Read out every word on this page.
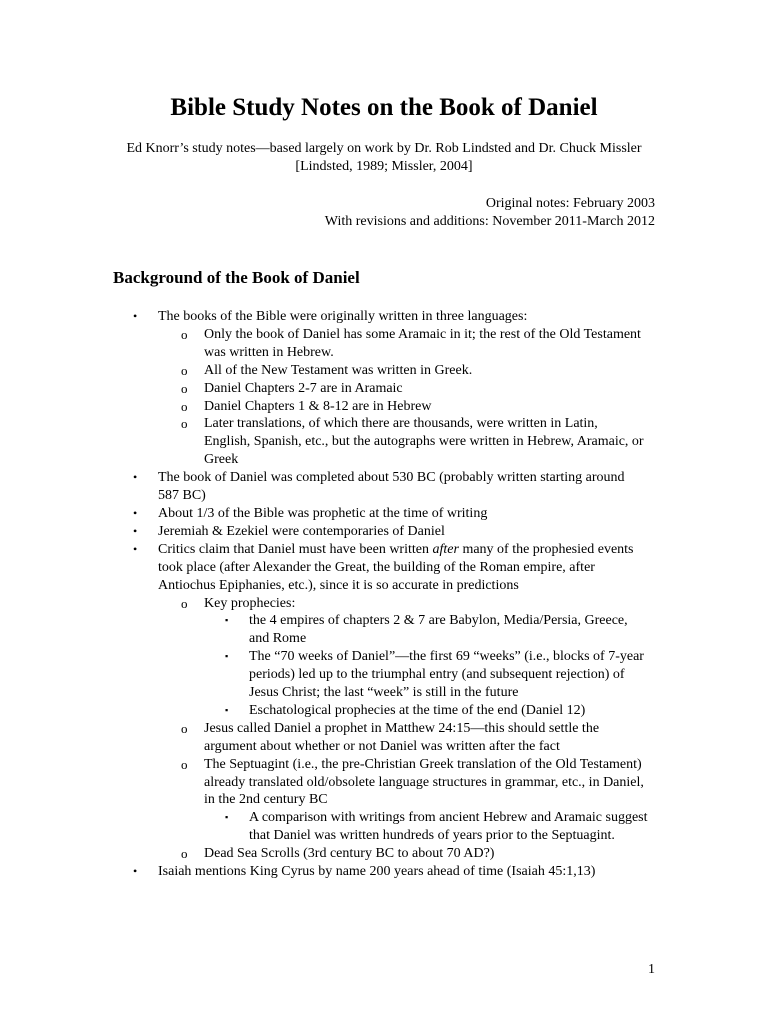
Bible Study Notes on the Book of Daniel
Ed Knorr’s study notes—based largely on work by Dr. Rob Lindsted and Dr. Chuck Missler [Lindsted, 1989; Missler, 2004]
Original notes: February 2003
With revisions and additions: November 2011-March 2012
Background of the Book of Daniel
• The books of the Bible were originally written in three languages:
o Only the book of Daniel has some Aramaic in it; the rest of the Old Testament was written in Hebrew.
o All of the New Testament was written in Greek.
o Daniel Chapters 2-7 are in Aramaic
o Daniel Chapters 1 & 8-12 are in Hebrew
o Later translations, of which there are thousands, were written in Latin, English, Spanish, etc., but the autographs were written in Hebrew, Aramaic, or Greek
• The book of Daniel was completed about 530 BC (probably written starting around 587 BC)
• About 1/3 of the Bible was prophetic at the time of writing
• Jeremiah & Ezekiel were contemporaries of Daniel
• Critics claim that Daniel must have been written after many of the prophesied events took place (after Alexander the Great, the building of the Roman empire, after Antiochus Epiphanies, etc.), since it is so accurate in predictions
o Key prophecies:
▪ the 4 empires of chapters 2 & 7 are Babylon, Media/Persia, Greece, and Rome
▪ The “70 weeks of Daniel”—the first 69 “weeks” (i.e., blocks of 7-year periods) led up to the triumphal entry (and subsequent rejection) of Jesus Christ; the last “week” is still in the future
▪ Eschatological prophecies at the time of the end (Daniel 12)
o Jesus called Daniel a prophet in Matthew 24:15—this should settle the argument about whether or not Daniel was written after the fact
o The Septuagint (i.e., the pre-Christian Greek translation of the Old Testament) already translated old/obsolete language structures in grammar, etc., in Daniel, in the 2nd century BC
▪ A comparison with writings from ancient Hebrew and Aramaic suggest that Daniel was written hundreds of years prior to the Septuagint.
o Dead Sea Scrolls (3rd century BC to about 70 AD?)
• Isaiah mentions King Cyrus by name 200 years ahead of time (Isaiah 45:1,13)
1
